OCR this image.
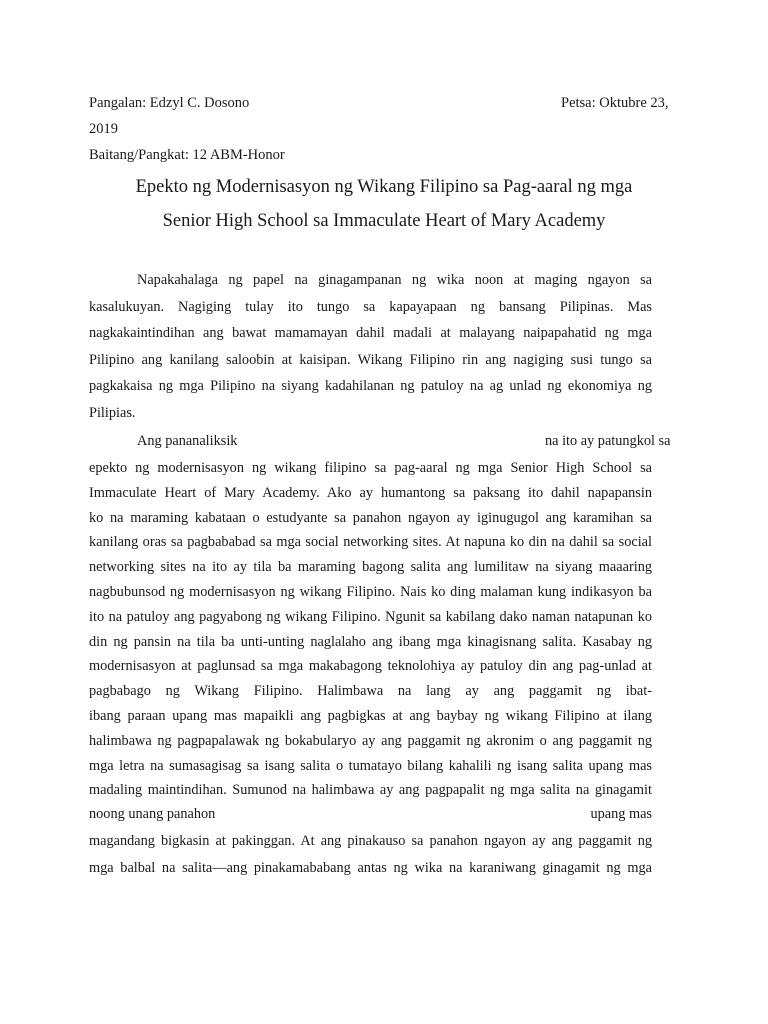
Pangalan: Edzyl C. Dosono	Petsa: Oktubre 23,
2019
Baitang/Pangkat: 12 ABM-Honor
Epekto ng Modernisasyon ng Wikang Filipino sa Pag-aaral ng mga
Senior High School sa Immaculate Heart of Mary Academy
Napakahalaga ng papel na ginagampanan ng wika noon at maging ngayon sa
kasalukuyan. Nagiging tulay ito tungo sa kapayapaan ng bansang Pilipinas. Mas
nagkakaintindihan ang bawat mamamayan dahil madali at malayang naipapahatid ng mga
Pilipino ang kanilang saloobin at kaisipan. Wikang Filipino rin ang nagiging susi tungo sa
pagkakaisa ng mga Pilipino na siyang kadahilanan ng patuloy na ag unlad ng ekonomiya ng
Pilipias.
Ang pananaliksik	na ito ay patungkol sa
epekto ng modernisasyon ng wikang filipino sa pag-aaral ng mga Senior High School sa
Immaculate Heart of Mary Academy. Ako ay humantong sa paksang ito dahil napapansin
ko na maraming kabataan o estudyante sa panahon ngayon ay iginugugol ang karamihan sa
kanilang oras sa pagbababad sa mga social networking sites. At napuna ko din na dahil sa social
networking sites na ito ay tila ba maraming bagong salita ang lumilitaw na siyang maaaring
nagbubunsod ng modernisasyon ng wikang Filipino. Nais ko ding malaman kung indikasyon ba
ito na patuloy ang pagyabong ng wikang Filipino. Ngunit sa kabilang dako naman natapunan ko
din ng pansin na tila ba unti-unting naglalaho ang ibang mga kinagisnang salita. Kasabay ng
modernisasyon at paglunsad sa mga makabagong teknolohiya ay patuloy din ang pag-unlad at
pagbabago ng Wikang Filipino. Halimbawa na lang ay ang paggamit ng ibat-
ibang paraan upang mas mapaikli ang pagbigkas at ang baybay ng wikang Filipino at ilang
halimbawa ng pagpapalawak ng bokabularyo ay ang paggamit ng akronim o ang paggamit ng
mga letra na sumasagisag sa isang salita o tumatayo bilang kahalili ng isang salita upang mas
madaling maintindihan. Sumunod na halimbawa ay ang pagpapalit ng mga salita na ginagamit
noong unang panahon	upang mas
magandang bigkasin at pakinggan. At ang pinakauso sa panahon ngayon ay ang paggamit ng
mga balbal na salita—ang pinakamababang antas ng wika na karaniwang ginagamit ng mga
